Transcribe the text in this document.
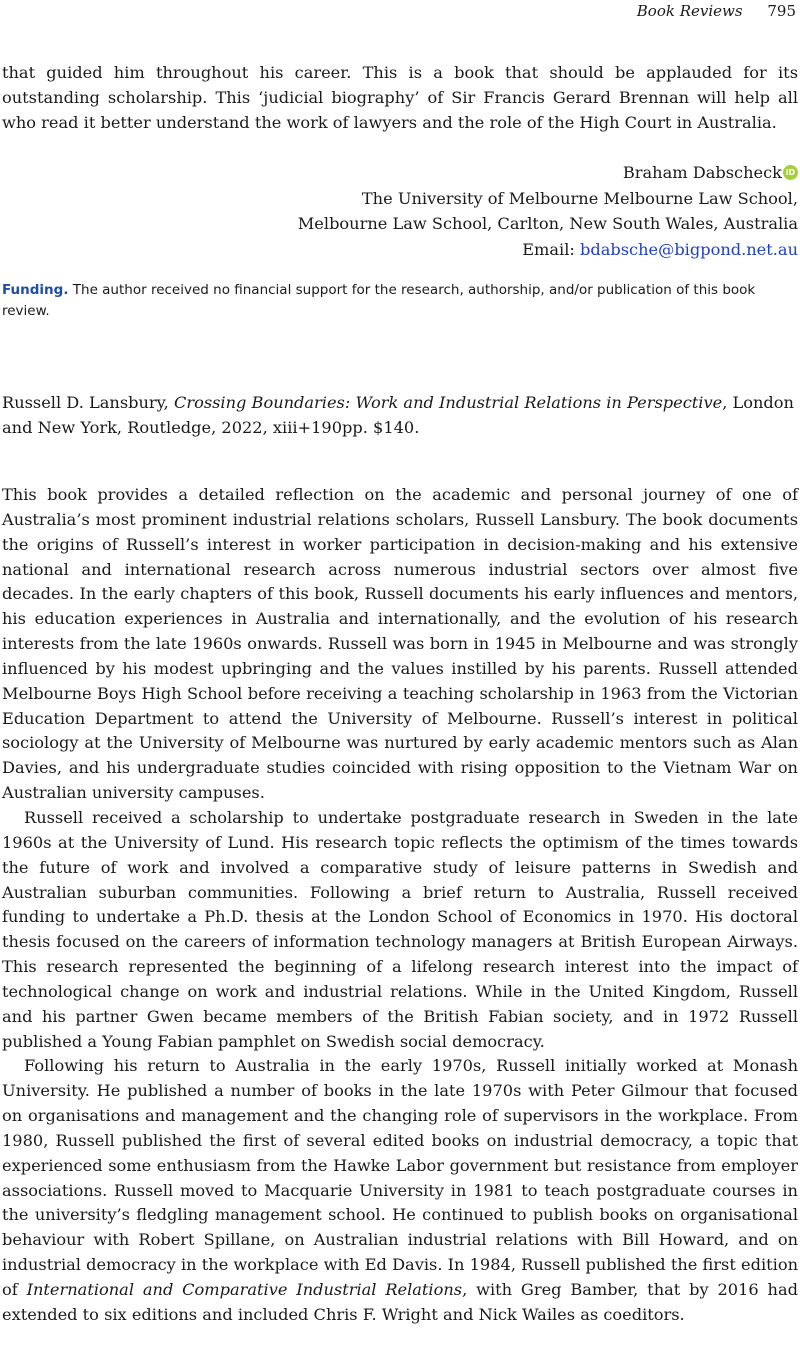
Book Reviews 795

that guided him throughout his career. This is a book that should be applauded for its outstanding scholarship. This ‘judicial biography’ of Sir Francis Gerard Brennan will help all who read it better understand the work of lawyers and the role of the High Court in Australia.

Braham Dabscheck iD
The University of Melbourne Melbourne Law School,
Melbourne Law School, Carlton, New South Wales, Australia
Email: bdabsche@bigpond.net.au
Funding. The author received no financial support for the research, authorship, and/or publication of this book review.
Russell D. Lansbury, Crossing Boundaries: Work and Industrial Relations in Perspective, London and New York, Routledge, 2022, xiii+190pp. $140.

This book provides a detailed reflection on the academic and personal journey of one of Australia’s most prominent industrial relations scholars, Russell Lansbury. The book documents the origins of Russell’s interest in worker participation in decision-making and his extensive national and international research across numerous industrial sectors over almost five decades. In the early chapters of this book, Russell documents his early influences and mentors, his education experiences in Australia and internationally, and the evolution of his research interests from the late 1960s onwards. Russell was born in 1945 in Melbourne and was strongly influenced by his modest upbringing and the values instilled by his parents. Russell attended Melbourne Boys High School before receiving a teaching scholarship in 1963 from the Victorian Education Department to attend the University of Melbourne. Russell’s interest in political sociology at the University of Melbourne was nurtured by early academic mentors such as Alan Davies, and his undergraduate studies coincided with rising opposition to the Vietnam War on Australian university campuses.

Russell received a scholarship to undertake postgraduate research in Sweden in the late 1960s at the University of Lund. His research topic reflects the optimism of the times towards the future of work and involved a comparative study of leisure patterns in Swedish and Australian suburban communities. Following a brief return to Australia, Russell received funding to undertake a Ph.D. thesis at the London School of Economics in 1970. His doctoral thesis focused on the careers of information technology managers at British European Airways. This research represented the beginning of a lifelong research interest into the impact of technological change on work and industrial relations. While in the United Kingdom, Russell and his partner Gwen became members of the British Fabian society, and in 1972 Russell published a Young Fabian pamphlet on Swedish social democracy.

Following his return to Australia in the early 1970s, Russell initially worked at Monash University. He published a number of books in the late 1970s with Peter Gilmour that focused on organisations and management and the changing role of supervisors in the workplace. From 1980, Russell published the first of several edited books on industrial democracy, a topic that experienced some enthusiasm from the Hawke Labor government but resistance from employer associations. Russell moved to Macquarie University in 1981 to teach postgraduate courses in the university’s fledgling management school. He continued to publish books on organisational behaviour with Robert Spillane, on Australian industrial relations with Bill Howard, and on industrial democracy in the workplace with Ed Davis. In 1984, Russell published the first edition of International and Comparative Industrial Relations, with Greg Bamber, that by 2016 had extended to six editions and included Chris F. Wright and Nick Wailes as coeditors.
